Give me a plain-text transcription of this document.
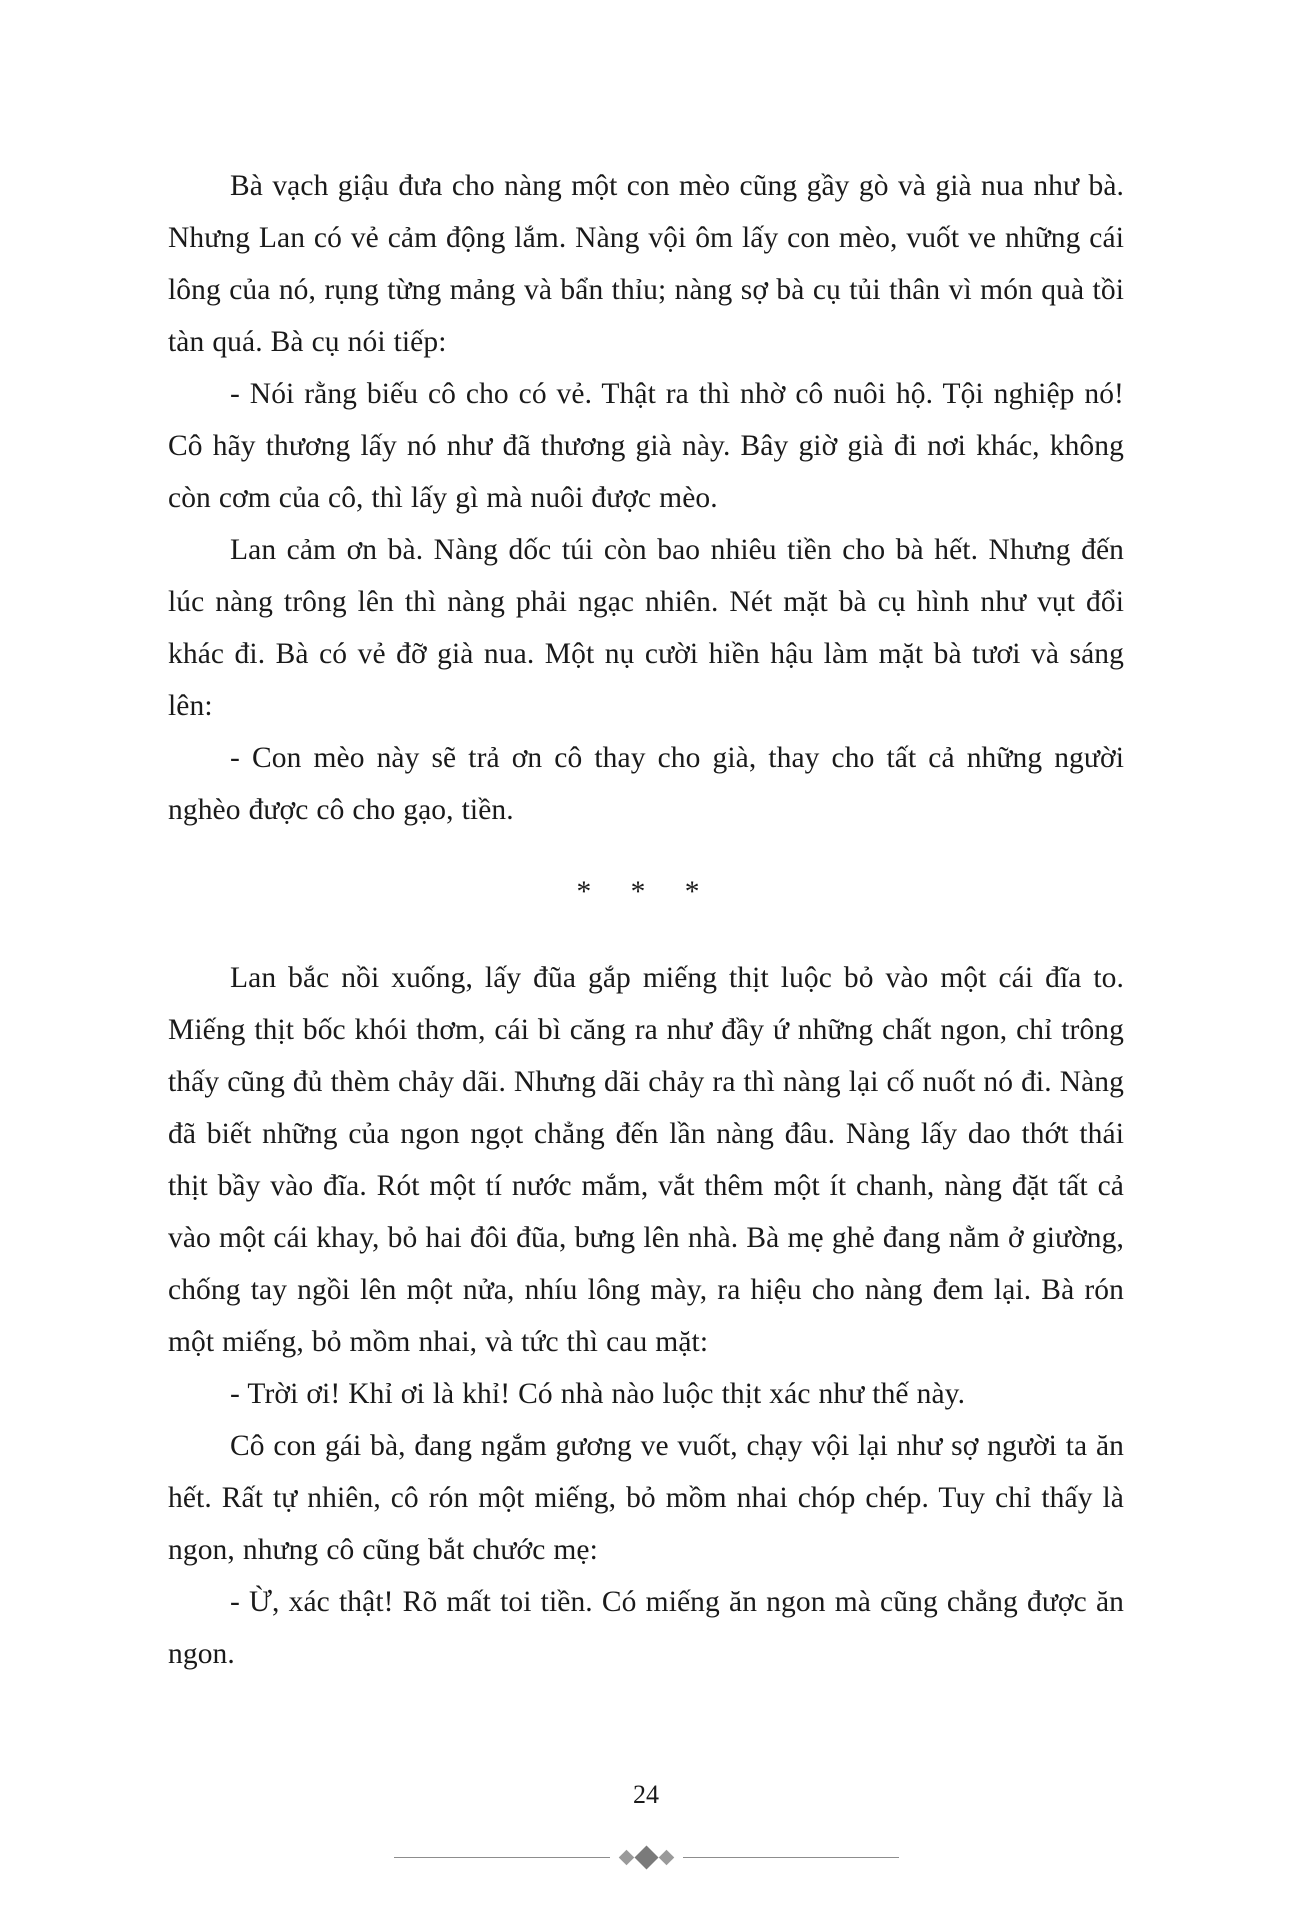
Bà vạch giậu đưa cho nàng một con mèo cũng gầy gò và già nua như bà. Nhưng Lan có vẻ cảm động lắm. Nàng vội ôm lấy con mèo, vuốt ve những cái lông của nó, rụng từng mảng và bẩn thỉu; nàng sợ bà cụ tủi thân vì món quà tồi tàn quá. Bà cụ nói tiếp:

- Nói rằng biếu cô cho có vẻ. Thật ra thì nhờ cô nuôi hộ. Tội nghiệp nó! Cô hãy thương lấy nó như đã thương già này. Bây giờ già đi nơi khác, không còn cơm của cô, thì lấy gì mà nuôi được mèo.

Lan cảm ơn bà. Nàng dốc túi còn bao nhiêu tiền cho bà hết. Nhưng đến lúc nàng trông lên thì nàng phải ngạc nhiên. Nét mặt bà cụ hình như vụt đổi khác đi. Bà có vẻ đỡ già nua. Một nụ cười hiền hậu làm mặt bà tươi và sáng lên:

- Con mèo này sẽ trả ơn cô thay cho già, thay cho tất cả những người nghèo được cô cho gạo, tiền.

* * *

Lan bắc nồi xuống, lấy đũa gắp miếng thịt luộc bỏ vào một cái đĩa to. Miếng thịt bốc khói thơm, cái bì căng ra như đầy ứ những chất ngon, chỉ trông thấy cũng đủ thèm chảy dãi. Nhưng dãi chảy ra thì nàng lại cố nuốt nó đi. Nàng đã biết những của ngon ngọt chẳng đến lần nàng đâu. Nàng lấy dao thớt thái thịt bầy vào đĩa. Rót một tí nước mắm, vắt thêm một ít chanh, nàng đặt tất cả vào một cái khay, bỏ hai đôi đũa, bưng lên nhà. Bà mẹ ghẻ đang nằm ở giường, chống tay ngồi lên một nửa, nhíu lông mày, ra hiệu cho nàng đem lại. Bà rón một miếng, bỏ mồm nhai, và tức thì cau mặt:

- Trời ơi! Khỉ ơi là khỉ! Có nhà nào luộc thịt xác như thế này.

Cô con gái bà, đang ngắm gương ve vuốt, chạy vội lại như sợ người ta ăn hết. Rất tự nhiên, cô rón một miếng, bỏ mồm nhai chóp chép. Tuy chỉ thấy là ngon, nhưng cô cũng bắt chước mẹ:

- Ừ, xác thật! Rõ mất toi tiền. Có miếng ăn ngon mà cũng chẳng được ăn ngon.

24
